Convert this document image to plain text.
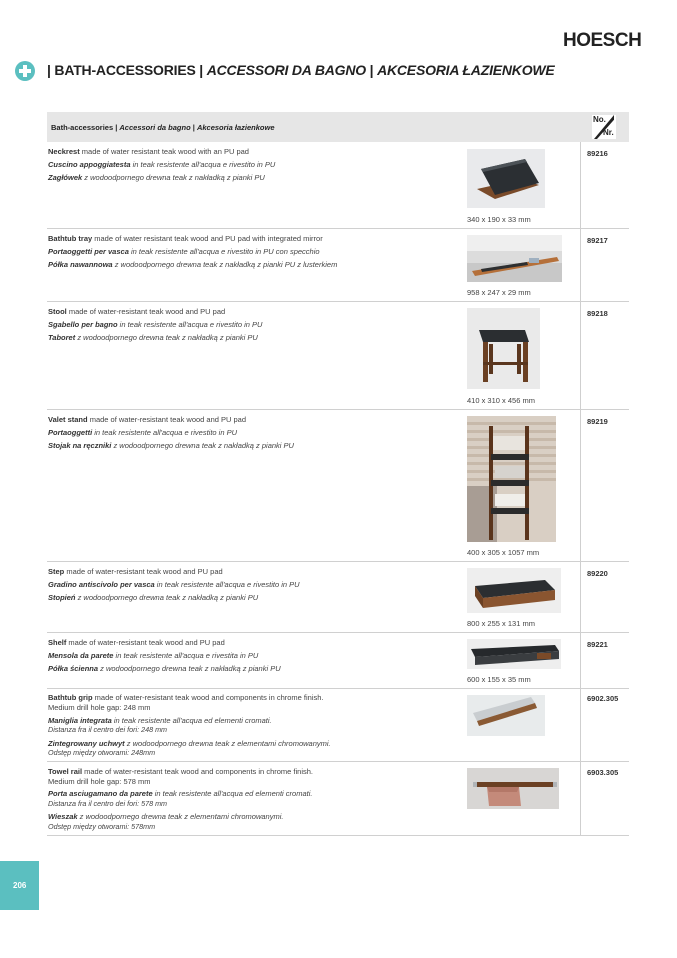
HOESCH
| BATH-ACCESSORIES | ACCESSORI DA BAGNO | AKCESORIA ŁAZIENKOWE
Bath-accessories | Accessori da bagno | Akcesoria łazienkowe
No.
Nr.
Neckrest made of water resistant teak wood with an PU pad
Cuscino appoggiatesta in teak resistente all'acqua e rivestito in PU
Zagłówek z wodoodpornego drewna teak z nakładką z pianki PU
340 x 190 x 33 mm
89216
Bathtub tray made of water resistant teak wood and PU pad with integrated mirror
Portaoggetti per vasca in teak resistente all'acqua e rivestito in PU con specchio
Półka nawannowa z wodoodpornego drewna teak z nakładką z pianki PU z lusterkiem
958 x 247 x 29 mm
89217
Stool made of water-resistant teak wood and PU pad
Sgabello per bagno in teak resistente all'acqua e rivestito in PU
Taboret z wodoodpornego drewna teak z nakładką z pianki PU
410 x 310 x 456 mm
89218
Valet stand made of water-resistant teak wood and PU pad
Portaoggetti in teak resistente all'acqua e rivestito in PU
Stojak na ręczniki z wodoodpornego drewna teak z nakładką z pianki PU
400 x 305 x 1057 mm
89219
Step made of water-resistant teak wood and PU pad
Gradino antiscivolo per vasca in teak resistente all'acqua e rivestito in PU
Stopień z wodoodpornego drewna teak z nakładką z pianki PU
800 x 255 x 131 mm
89220
Shelf made of water-resistant teak wood and PU pad
Mensola da parete in teak resistente all'acqua e rivestita in PU
Półka ścienna z wodoodpornego drewna teak z nakładką z pianki PU
600 x 155 x 35 mm
89221
Bathtub grip made of water-resistant teak wood and components in chrome finish.
Medium drill hole gap: 248 mm
Maniglia integrata in teak resistente all'acqua ed elementi cromati.
Distanza fra il centro dei fori: 248 mm
Zintegrowany uchwyt z wodoodpornego drewna teak z elementami chromowanymi.
Odstęp między otworami: 248mm
6902.305
Towel rail made of water-resistant teak wood and components in chrome finish.
Medium drill hole gap: 578 mm
Porta asciugamano da parete in teak resistente all'acqua ed elementi cromati.
Distanza fra il centro dei fori: 578 mm
Wieszak z wodoodpornego drewna teak z elementami chromowanymi.
Odstęp między otworami: 578mm
6903.305
206
